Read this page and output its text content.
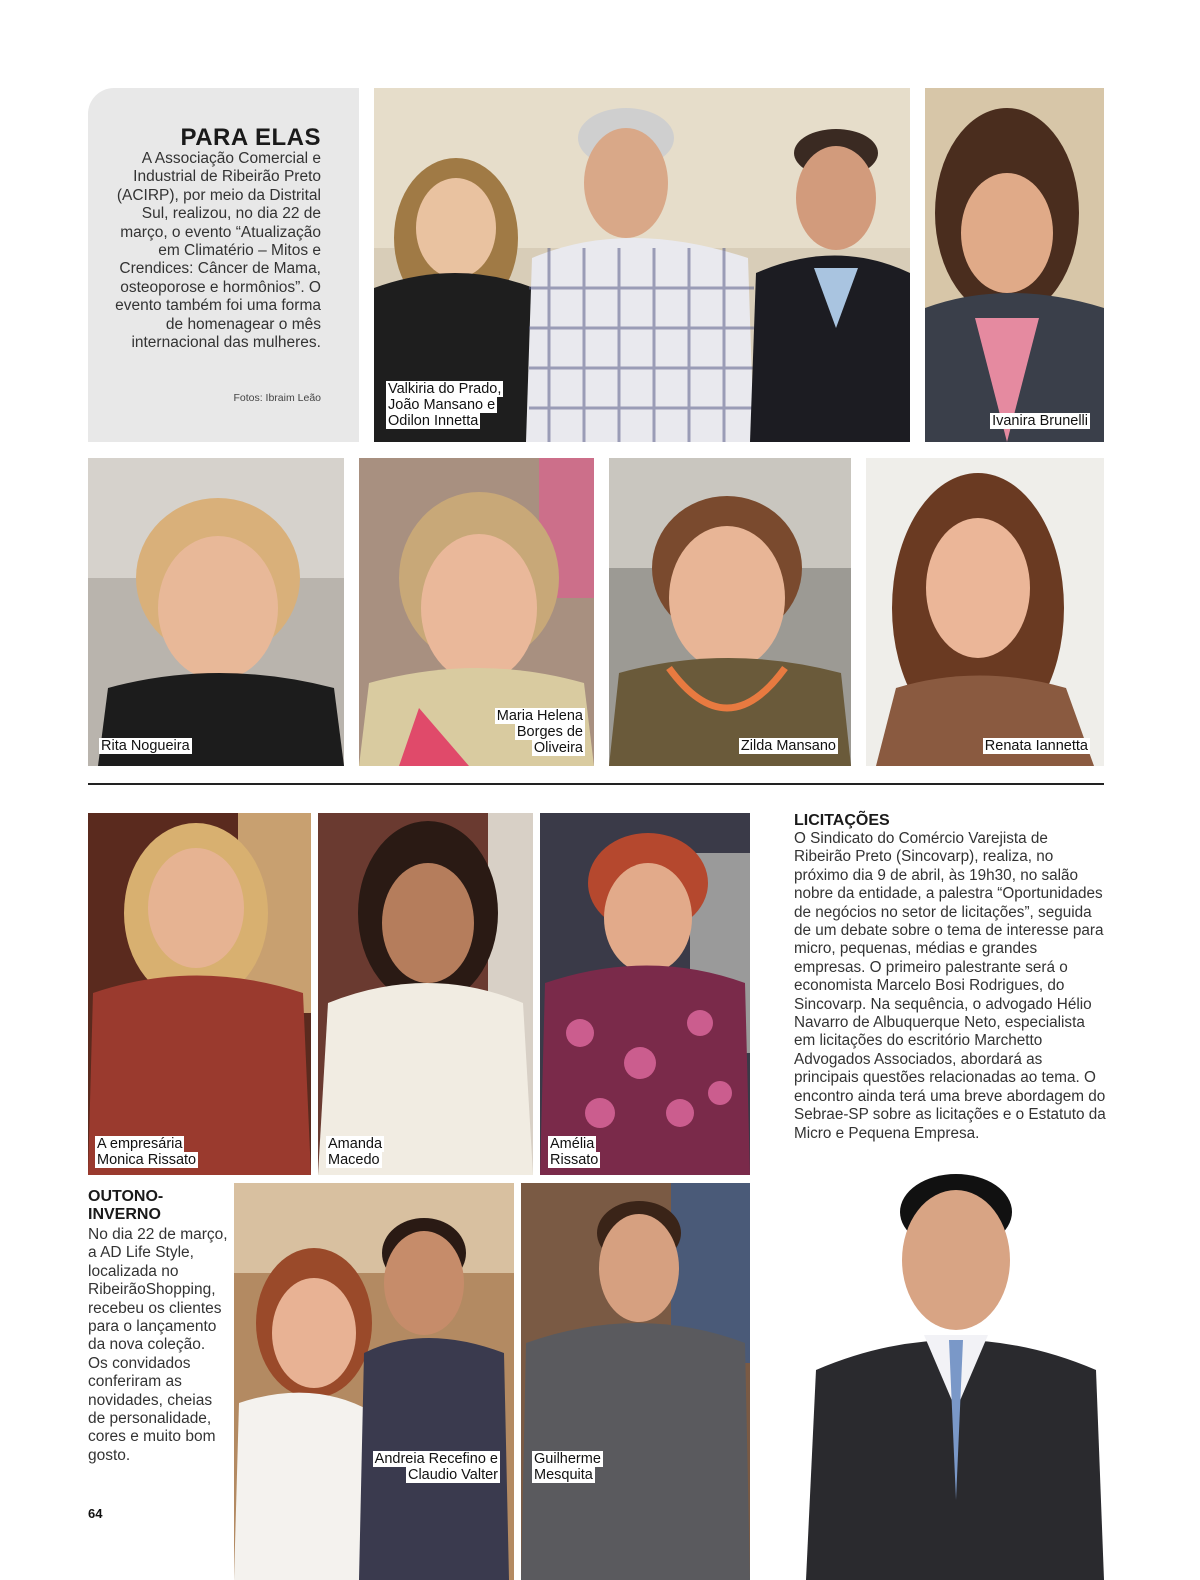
PARA ELAS
A Associação Comercial e Industrial de Ribeirão Preto (ACIRP), por meio da Distrital Sul, realizou, no dia 22 de março, o evento “Atualização em Climatério – Mitos e Crendices: Câncer de Mama, osteoporose e hormônios”. O evento também foi uma forma de homenagear o mês internacional das mulheres.
Fotos: Ibraim Leão
Valkiria do Prado,
João Mansano e
Odilon Innetta	Ivanira Brunelli
Rita Nogueira
Maria Helena
Borges de
Oliveira	Zilda Mansano	Renata Iannetta
A empresária
Monica Rissato
Amanda
Macedo
Amélia
Rissato
LICITAÇÕES
O Sindicato do Comércio Varejista de Ribeirão Preto (Sincovarp), realiza, no próximo dia 9 de abril, às 19h30, no salão nobre da entidade, a palestra “Oportunidades de negócios no setor de licitações”, seguida de um debate sobre o tema de interesse para micro, pequenas, médias e grandes empresas. O primeiro palestrante será o economista Marcelo Bosi Rodrigues, do Sincovarp. Na sequência, o advogado Hélio Navarro de Albuquerque Neto, especialista em licitações do escritório Marchetto Advogados Associados, abordará as principais questões relacionadas ao tema. O encontro ainda terá uma breve abordagem do Sebrae-SP sobre as licitações e o Estatuto da Micro e Pequena Empresa.
Andreia Recefino e
Claudio Valter
Guilherme
Mesquita
OUTONO-
INVERNO
No dia 22 de março, a AD Life Style, localizada no RibeirãoShopping, recebeu os clientes para o lançamento da nova coleção. Os convidados conferiram as novidades, cheias de personalidade, cores e muito bom gosto.
64
